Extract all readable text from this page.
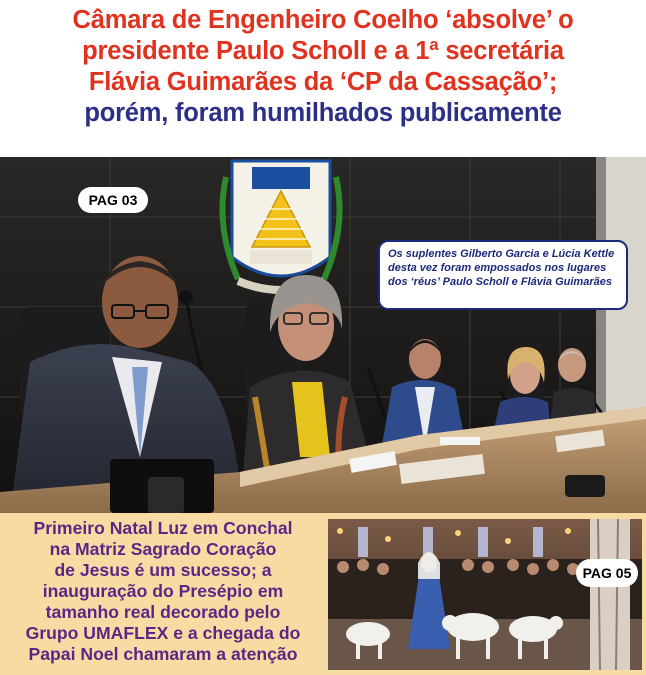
Câmara de Engenheiro Coelho ‘absolve’ o
presidente Paulo Scholl e a 1ª secretária
Flávia Guimarães da ‘CP da Cassação’;
porém, foram humilhados publicamente
PAG 03
Os suplentes Gilberto Garcia e Lúcia Kettle desta vez foram empossados nos lugares dos ‘réus’ Paulo Scholl e Flávia Guimarães
Primeiro Natal Luz em Conchal
na Matriz Sagrado Coração
de Jesus é um sucesso; a
inauguração do Presépio em
tamanho real decorado pelo
Grupo UMAFLEX e a chegada do
Papai Noel chamaram a atenção
PAG 05
